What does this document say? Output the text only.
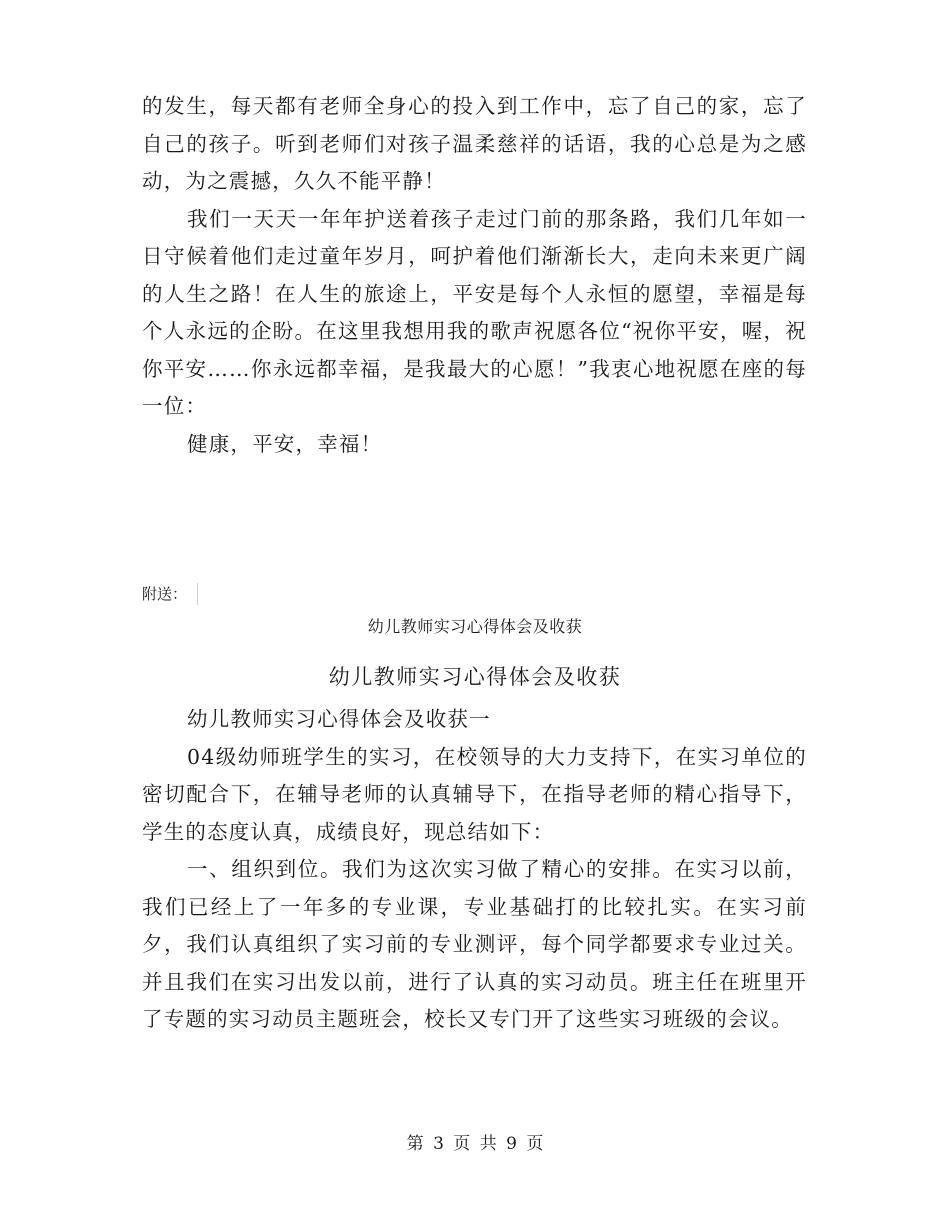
的发生，每天都有老师全身心的投入到工作中，忘了自己的家，忘了自己的孩子。听到老师们对孩子温柔慈祥的话语，我的心总是为之感动，为之震撼，久久不能平静！

我们一天天一年年护送着孩子走过门前的那条路，我们几年如一日守候着他们走过童年岁月，呵护着他们渐渐长大，走向未来更广阔的人生之路！在人生的旅途上，平安是每个人永恒的愿望，幸福是每个人永远的企盼。在这里我想用我的歌声祝愿各位“祝你平安，喔，祝你平安……你永远都幸福，是我最大的心愿！”我衷心地祝愿在座的每一位：

健康，平安，幸福！

附送：
幼儿教师实习心得体会及收获
幼儿教师实习心得体会及收获

幼儿教师实习心得体会及收获一

04级幼师班学生的实习，在校领导的大力支持下，在实习单位的密切配合下，在辅导老师的认真辅导下，在指导老师的精心指导下，学生的态度认真，成绩良好，现总结如下：

一、组织到位。我们为这次实习做了精心的安排。在实习以前，我们已经上了一年多的专业课，专业基础打的比较扎实。在实习前夕，我们认真组织了实习前的专业测评，每个同学都要求专业过关。并且我们在实习出发以前，进行了认真的实习动员。班主任在班里开了专题的实习动员主题班会，校长又专门开了这些实习班级的会议。

第 3 页 共 9 页
